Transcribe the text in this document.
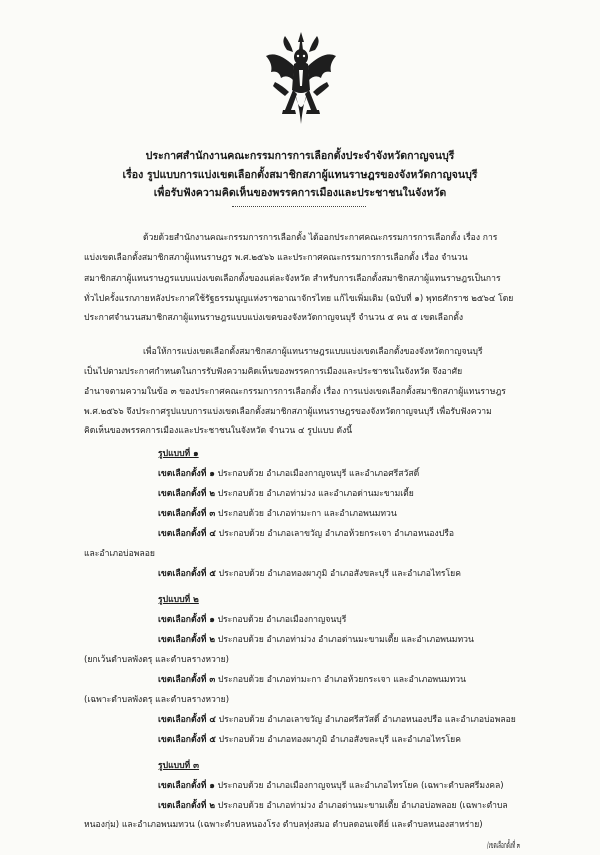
ประกาศสำนักงานคณะกรรมการการเลือกตั้งประจำจังหวัดกาญจนบุรี
เรื่อง รูปแบบการแบ่งเขตเลือกตั้งสมาชิกสภาผู้แทนราษฎรของจังหวัดกาญจนบุรี
เพื่อรับฟังความคิดเห็นของพรรคการเมืองและประชาชนในจังหวัด
ด้วยด้วยสำนักงานคณะกรรมการการเลือกตั้ง ได้ออกประกาศคณะกรรมการการเลือกตั้ง เรื่อง การ
แบ่งเขตเลือกตั้งสมาชิกสภาผู้แทนราษฎร พ.ศ.๒๕๖๖ และประกาศคณะกรรมการการเลือกตั้ง เรื่อง จำนวน
สมาชิกสภาผู้แทนราษฎรแบบแบ่งเขตเลือกตั้งของแต่ละจังหวัด สำหรับการเลือกตั้งสมาชิกสภาผู้แทนราษฎรเป็นการ
ทั่วไปครั้งแรกภายหลังประกาศใช้รัฐธรรมนูญแห่งราชอาณาจักรไทย แก้ไขเพิ่มเติม (ฉบับที่ ๑) พุทธศักราช ๒๕๖๔ โดย
ประกาศจำนวนสมาชิกสภาผู้แทนราษฎรแบบแบ่งเขตของจังหวัดกาญจนบุรี จำนวน ๕ คน ๕ เขตเลือกตั้ง
เพื่อให้การแบ่งเขตเลือกตั้งสมาชิกสภาผู้แทนราษฎรแบบแบ่งเขตเลือกตั้งของจังหวัดกาญจนบุรี
เป็นไปตามประกาศกำหนดในการรับฟังความคิดเห็นของพรรคการเมืองและประชาชนในจังหวัด จึงอาศัย
อำนาจตามความในข้อ ๓ ของประกาศคณะกรรมการการเลือกตั้ง เรื่อง การแบ่งเขตเลือกตั้งสมาชิกสภาผู้แทนราษฎร
พ.ศ.๒๕๖๖ จึงประกาศรูปแบบการแบ่งเขตเลือกตั้งสมาชิกสภาผู้แทนราษฎรของจังหวัดกาญจนบุรี เพื่อรับฟังความ
คิดเห็นของพรรคการเมืองและประชาชนในจังหวัด จำนวน ๔ รูปแบบ ดังนี้
รูปแบบที่ ๑
เขตเลือกตั้งที่ ๑ ประกอบด้วย อำเภอเมืองกาญจนบุรี และอำเภอศรีสวัสดิ์
เขตเลือกตั้งที่ ๒ ประกอบด้วย อำเภอท่าม่วง และอำเภอด่านมะขามเตี้ย
เขตเลือกตั้งที่ ๓ ประกอบด้วย อำเภอท่ามะกา และอำเภอพนมทวน
เขตเลือกตั้งที่ ๔ ประกอบด้วย อำเภอเลาขวัญ อำเภอห้วยกระเจา อำเภอหนองปรือ
และอำเภอบ่อพลอย
เขตเลือกตั้งที่ ๕ ประกอบด้วย อำเภอทองผาภูมิ อำเภอสังขละบุรี และอำเภอไทรโยค
รูปแบบที่ ๒
เขตเลือกตั้งที่ ๑ ประกอบด้วย อำเภอเมืองกาญจนบุรี
เขตเลือกตั้งที่ ๒ ประกอบด้วย อำเภอท่าม่วง อำเภอด่านมะขามเตี้ย และอำเภอพนมทวน
(ยกเว้นตำบลพังตรุ และตำบลรางหวาย)
เขตเลือกตั้งที่ ๓ ประกอบด้วย อำเภอท่ามะกา อำเภอห้วยกระเจา และอำเภอพนมทวน
(เฉพาะตำบลพังตรุ และตำบลรางหวาย)
เขตเลือกตั้งที่ ๔ ประกอบด้วย อำเภอเลาขวัญ อำเภอศรีสวัสดิ์ อำเภอหนองปรือ และอำเภอบ่อพลอย
เขตเลือกตั้งที่ ๕ ประกอบด้วย อำเภอทองผาภูมิ อำเภอสังขละบุรี และอำเภอไทรโยค
รูปแบบที่ ๓
เขตเลือกตั้งที่ ๑ ประกอบด้วย อำเภอเมืองกาญจนบุรี และอำเภอไทรโยค (เฉพาะตำบลศรีมงคล)
เขตเลือกตั้งที่ ๒ ประกอบด้วย อำเภอท่าม่วง อำเภอด่านมะขามเตี้ย อำเภอบ่อพลอย (เฉพาะตำบล
หนองกุ่ม) และอำเภอพนมทวน (เฉพาะตำบลหนองโรง ตำบลทุ่งสมอ ตำบลดอนเจดีย์ และตำบลหนองสาหร่าย)
/เขตเลือกตั้งที่ ๓
